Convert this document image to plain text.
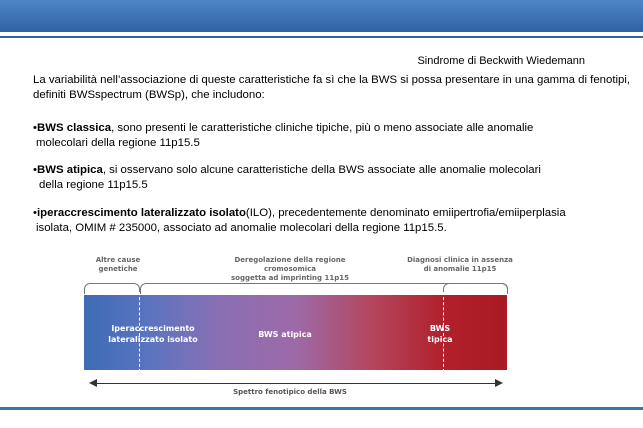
Sindrome di Beckwith Wiedemann
La variabilità nell’associazione di queste caratteristiche fa sì che la BWS si possa presentare in una gamma di fenotipi, definiti BWSspectrum (BWSp), che includono:
•BWS classica, sono presenti le caratteristiche cliniche tipiche, più o meno associate alle anomalie
molecolari della regione 11p15.5
•BWS atipica, si osservano solo alcune caratteristiche della BWS associate alle anomalie molecolari
della regione 11p15.5
•iperaccrescimento lateralizzato isolato(ILO), precedentemente denominato emiipertrofia/emiiperplasia
isolata, OMIM # 235000, associato ad anomalie molecolari della regione 11p15.5.
Altre cause
genetiche
Deregolazione della regione cromosomica
soggetta ad imprinting 11p15
Diagnosi clinica in assenza
di anomalie 11p15
Iperaccrescimento
lateralizzato isolato
BWS atipica
BWS
tipica
Spettro fenotipico della BWS
